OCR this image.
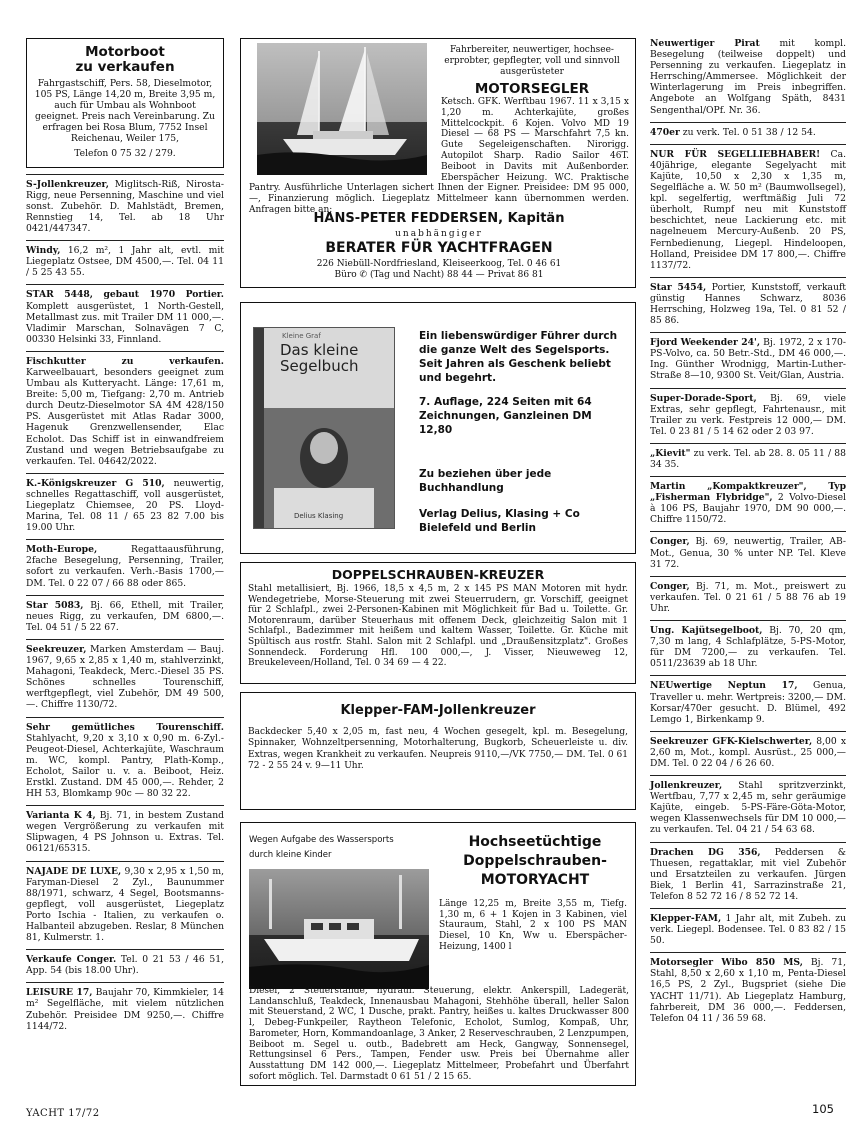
Motorboot

zu verkaufen

Fahrgastschiff, Pers. 58, Dieselmotor, 105 PS, Länge 14,20 m, Breite 3,95 m, auch für Umbau als Wohnboot geeignet. Preis nach Vereinbarung. Zu erfragen bei Rosa Blum, 7752 Insel Reichenau, Weiler 175,

Telefon 0 75 32 / 279.

S-Jollenkreuzer, Miglitsch-Riß, Nirosta-Rigg, neue Persenning, Maschine und viel sonst. Zubehör. D. Mahlstädt, Bremen, Rennstieg 14, Tel. ab 18 Uhr 0421/447347.

Windy, 16,2 m², 1 Jahr alt, evtl. mit Liegeplatz Ostsee, DM 4500,—. Tel. 04 11 / 5 25 43 55.

STAR 5448, gebaut 1970 Portier. Komplett ausgerüstet, 1 North-Gestell, Metallmast zus. mit Trailer DM 11 000,—. Vladimir Marschan, Solnavägen 7 C, 00330 Helsinki 33, Finnland.

Fischkutter zu verkaufen. Karweelbauart, besonders geeignet zum Umbau als Kutteryacht. Länge: 17,61 m, Breite: 5,00 m, Tiefgang: 2,70 m. Antrieb durch Deutz-Dieselmotor SA 4M 428/150 PS. Ausgerüstet mit Atlas Radar 3000, Hagenuk Grenzwellensender, Elac Echolot. Das Schiff ist in einwandfreiem Zustand und wegen Betriebsaufgabe zu verkaufen. Tel. 04642/2022.

K.-Königskreuzer G 510, neuwertig, schnelles Regattaschiff, voll ausgerüstet, Liegeplatz Chiemsee, 20 PS. Lloyd-Marina, Tel. 08 11 / 65 23 82 7.00 bis 19.00 Uhr.

Moth-Europe, Regattaausführung, 2fache Besegelung, Persenning, Trailer, sofort zu verkaufen. Verh.-Basis 1700,— DM. Tel. 0 22 07 / 66 88 oder 865.

Star 5083, Bj. 66, Ethell, mit Trailer, neues Rigg, zu verkaufen, DM 6800,—. Tel. 04 51 / 5 22 67.

Seekreuzer, Marken Amsterdam — Bauj. 1967, 9,65 x 2,85 x 1,40 m, stahlverzinkt, Mahagoni, Teakdeck, Merc.-Diesel 35 PS. Schönes schnelles Tourenschiff, werftgepflegt, viel Zubehör, DM 49 500,—. Chiffre 1130/72.

Sehr gemütliches Tourenschiff. Stahlyacht, 9,20 x 3,10 x 0,90 m. 6-Zyl.-Peugeot-Diesel, Achterkajüte, Waschraum m. WC, kompl. Pantry, Plath-Komp., Echolot, Sailor u. v. a. Beiboot, Heiz. Erstkl. Zustand. DM 45 000,—. Rehder, 2 HH 53, Blomkamp 90c — 80 32 22.

Varianta K 4, Bj. 71, in bestem Zustand wegen Vergrößerung zu verkaufen mit Slipwagen, 4 PS Johnson u. Extras. Tel. 06121/65315.

NAJADE DE LUXE, 9,30 x 2,95 x 1,50 m, Faryman-Diesel 2 Zyl., Baunummer 88/1971, schwarz, 4 Segel, Bootsmanns-gepflegt, voll ausgerüstet, Liegeplatz Porto Ischia - Italien, zu verkaufen o. Halbanteil abzugeben. Reslar, 8 München 81, Kulmerstr. 1.

Verkaufe Conger. Tel. 0 21 53 / 46 51, App. 54 (bis 18.00 Uhr).

LEISURE 17, Baujahr 70, Kimmkieler, 14 m² Segelfläche, mit vielem nützlichen Zubehör. Preisidee DM 9250,—. Chiffre 1144/72.

Fahrbereiter, neuwertiger, hochsee-erprobter, gepflegter, voll und sinnvoll ausgerüsteter

MOTORSEGLER

Ketsch. GFK. Werftbau 1967. 11 x 3,15 x 1,20 m. Achterkajüte, großes Mittelcockpit. 6 Kojen. Volvo MD 19 Diesel — 68 PS — Marschfahrt 7,5 kn. Gute Segeleigenschaften. Nirorigg. Autopilot Sharp. Radio Sailor 46T. Beiboot in Davits mit Außenborder. Eberspächer Heizung. WC. Praktische Pantry. Ausführliche Unterlagen sichert Ihnen der Eigner. Preisidee: DM 95 000,—, Finanzierung möglich. Liegeplatz Mittelmeer kann übernommen werden. Anfragen bitte an:

HANS-PETER FEDDERSEN, Kapitän

unabhängiger

BERATER FÜR YACHTFRAGEN

226 Niebüll-Nordfriesland, Kleiseerkoog, Tel. 0 46 61

Büro ✆ (Tag und Nacht) 88 44 — Privat 86 81

Kleine Graf

Das kleine Segelbuch

Delius Klasing

Ein liebenswürdiger Führer durch die ganze Welt des Segelsports. Seit Jahren als Geschenk beliebt und begehrt.

7. Auflage, 224 Seiten mit 64 Zeichnungen, Ganzleinen DM 12,80

Zu beziehen über jede Buchhandlung

Verlag Delius, Klasing + Co

Bielefeld und Berlin

DOPPELSCHRAUBEN-KREUZER

Stahl metallisiert, Bj. 1966, 18,5 x 4,5 m, 2 x 145 PS MAN Motoren mit hydr. Wendegetriebe, Morse-Steuerung mit zwei Steuerrudern, gr. Vorschiff, geeignet für 2 Schlafpl., zwei 2-Personen-Kabinen mit Möglichkeit für Bad u. Toilette. Gr. Motorenraum, darüber Steuerhaus mit offenem Deck, gleichzeitig Salon mit 1 Schlafpl., Badezimmer mit heißem und kaltem Wasser, Toilette. Gr. Küche mit Spültisch aus rostfr. Stahl. Salon mit 2 Schlafpl. und „Draußensitzplatz". Großes Sonnendeck. Forderung Hfl. 100 000,—, J. Visser, Nieuweweg 12, Breukeleveen/Holland, Tel. 0 34 69 — 4 22.

Klepper-FAM-Jollenkreuzer

Backdecker 5,40 x 2,05 m, fast neu, 4 Wochen gesegelt, kpl. m. Besegelung, Spinnaker, Wohnzeltpersenning, Motorhalterung, Bugkorb, Scheuerleiste u. div. Extras, wegen Krankheit zu verkaufen. Neupreis 9110,—/VK 7750,— DM. Tel. 0 61 72 - 2 55 24 v. 9—11 Uhr.

Wegen Aufgabe des Wassersports durch kleine Kinder

Hochseetüchtige

Doppelschrauben-

MOTORYACHT

Länge 12,25 m, Breite 3,55 m, Tiefg. 1,30 m, 6 + 1 Kojen in 3 Kabinen, viel Stauraum, Stahl, 2 x 100 PS MAN Diesel, 10 Kn, Ww u. Eberspächer-Heizung, 1400 l

Diesel, 2 Steuerstände, hydraul. Steuerung, elektr. Ankerspill, Ladegerät, Landanschluß, Teakdeck, Innenausbau Mahagoni, Stehhöhe überall, heller Salon mit Steuerstand, 2 WC, 1 Dusche, prakt. Pantry, heißes u. kaltes Druckwasser 800 l, Debeg-Funkpeiler, Raytheon Telefonic, Echolot, Sumlog, Kompaß, Uhr, Barometer, Horn, Kommandoanlage, 3 Anker, 2 Reserveschrauben, 2 Lenzpumpen, Beiboot m. Segel u. outb., Badebrett am Heck, Gangway, Sonnensegel, Rettungsinsel 6 Pers., Tampen, Fender usw. Preis bei Übernahme aller Ausstattung DM 142 000,—. Liegeplatz Mittelmeer, Probefahrt und Überfahrt sofort möglich. Tel. Darmstadt 0 61 51 / 2 15 65.

Neuwertiger Pirat mit kompl. Besegelung (teilweise doppelt) und Persenning zu verkaufen. Liegeplatz in Herrsching/Ammersee. Möglichkeit der Winterlagerung im Preis inbegriffen. Angebote an Wolfgang Späth, 8431 Sengenthal/OPf. Nr. 36.

470er zu verk. Tel. 0 51 38 / 12 54.

NUR FÜR SEGELLIEBHABER! Ca. 40jährige, elegante Segelyacht mit Kajüte, 10,50 x 2,30 x 1,35 m, Segelfläche a. W. 50 m² (Baumwollsegel), kpl. segelfertig, werftmäßig Juli 72 überholt, Rumpf neu mit Kunststoff beschichtet, neue Lackierung etc. mit nagelneuem Mercury-Außenb. 20 PS, Fernbedienung, Liegepl. Hindeloopen, Holland, Preisidee DM 17 800,—. Chiffre 1137/72.

Star 5454, Portier, Kunststoff, verkauft günstig Hannes Schwarz, 8036 Herrsching, Holzweg 19a, Tel. 0 81 52 / 85 86.

Fjord Weekender 24', Bj. 1972, 2 x 170-PS-Volvo, ca. 50 Betr.-Std., DM 46 000,—. Ing. Günther Wrodnigg, Martin-Luther-Straße 8—10, 9300 St. Veit/Glan, Austria.

Super-Dorade-Sport, Bj. 69, viele Extras, sehr gepflegt, Fahrtenausr., mit Trailer zu verk. Festpreis 12 000,— DM. Tel. 0 23 81 / 5 14 62 oder 2 03 97.

„Kievit" zu verk. Tel. ab 28. 8. 05 11 / 88 34 35.

Martin „Kompaktkreuzer", Typ „Fisherman Flybridge", 2 Volvo-Diesel à 106 PS, Baujahr 1970, DM 90 000,—. Chiffre 1150/72.

Conger, Bj. 69, neuwertig, Trailer, AB-Mot., Genua, 30 % unter NP. Tel. Kleve 31 72.

Conger, Bj. 71, m. Mot., preiswert zu verkaufen. Tel. 0 21 61 / 5 88 76 ab 19 Uhr.

Ung. Kajütsegelboot, Bj. 70, 20 qm, 7,30 m lang, 4 Schlafplätze, 5-PS-Motor, für DM 7200,— zu verkaufen. Tel. 0511/23639 ab 18 Uhr.

NEUwertige Neptun 17, Genua, Traveller u. mehr. Wertpreis: 3200,— DM. Korsar/470er gesucht. D. Blümel, 492 Lemgo 1, Birkenkamp 9.

Seekreuzer GFK-Kielschwerter, 8,00 x 2,60 m, Mot., kompl. Ausrüst., 25 000,— DM. Tel. 0 22 04 / 6 26 60.

Jollenkreuzer, Stahl spritzverzinkt, Wertfbau, 7,77 x 2,45 m, sehr geräumige Kajüte, eingeb. 5-PS-Färe-Göta-Motor, wegen Klassenwechsels für DM 10 000,— zu verkaufen. Tel. 04 21 / 54 63 68.

Drachen DG 356, Peddersen & Thuesen, regattaklar, mit viel Zubehör und Ersatzteilen zu verkaufen. Jürgen Biek, 1 Berlin 41, Sarrazinstraße 21, Telefon 8 52 72 16 / 8 52 72 14.

Klepper-FAM, 1 Jahr alt, mit Zubeh. zu verk. Liegepl. Bodensee. Tel. 0 83 82 / 15 50.

Motorsegler Wibo 850 MS, Bj. 71, Stahl, 8,50 x 2,60 x 1,10 m, Penta-Diesel 16,5 PS, 2 Zyl., Bugspriet (siehe Die YACHT 11/71). Ab Liegeplatz Hamburg, fahrbereit, DM 36 000,—. Feddersen, Telefon 04 11 / 36 59 68.

YACHT 17/72	105
